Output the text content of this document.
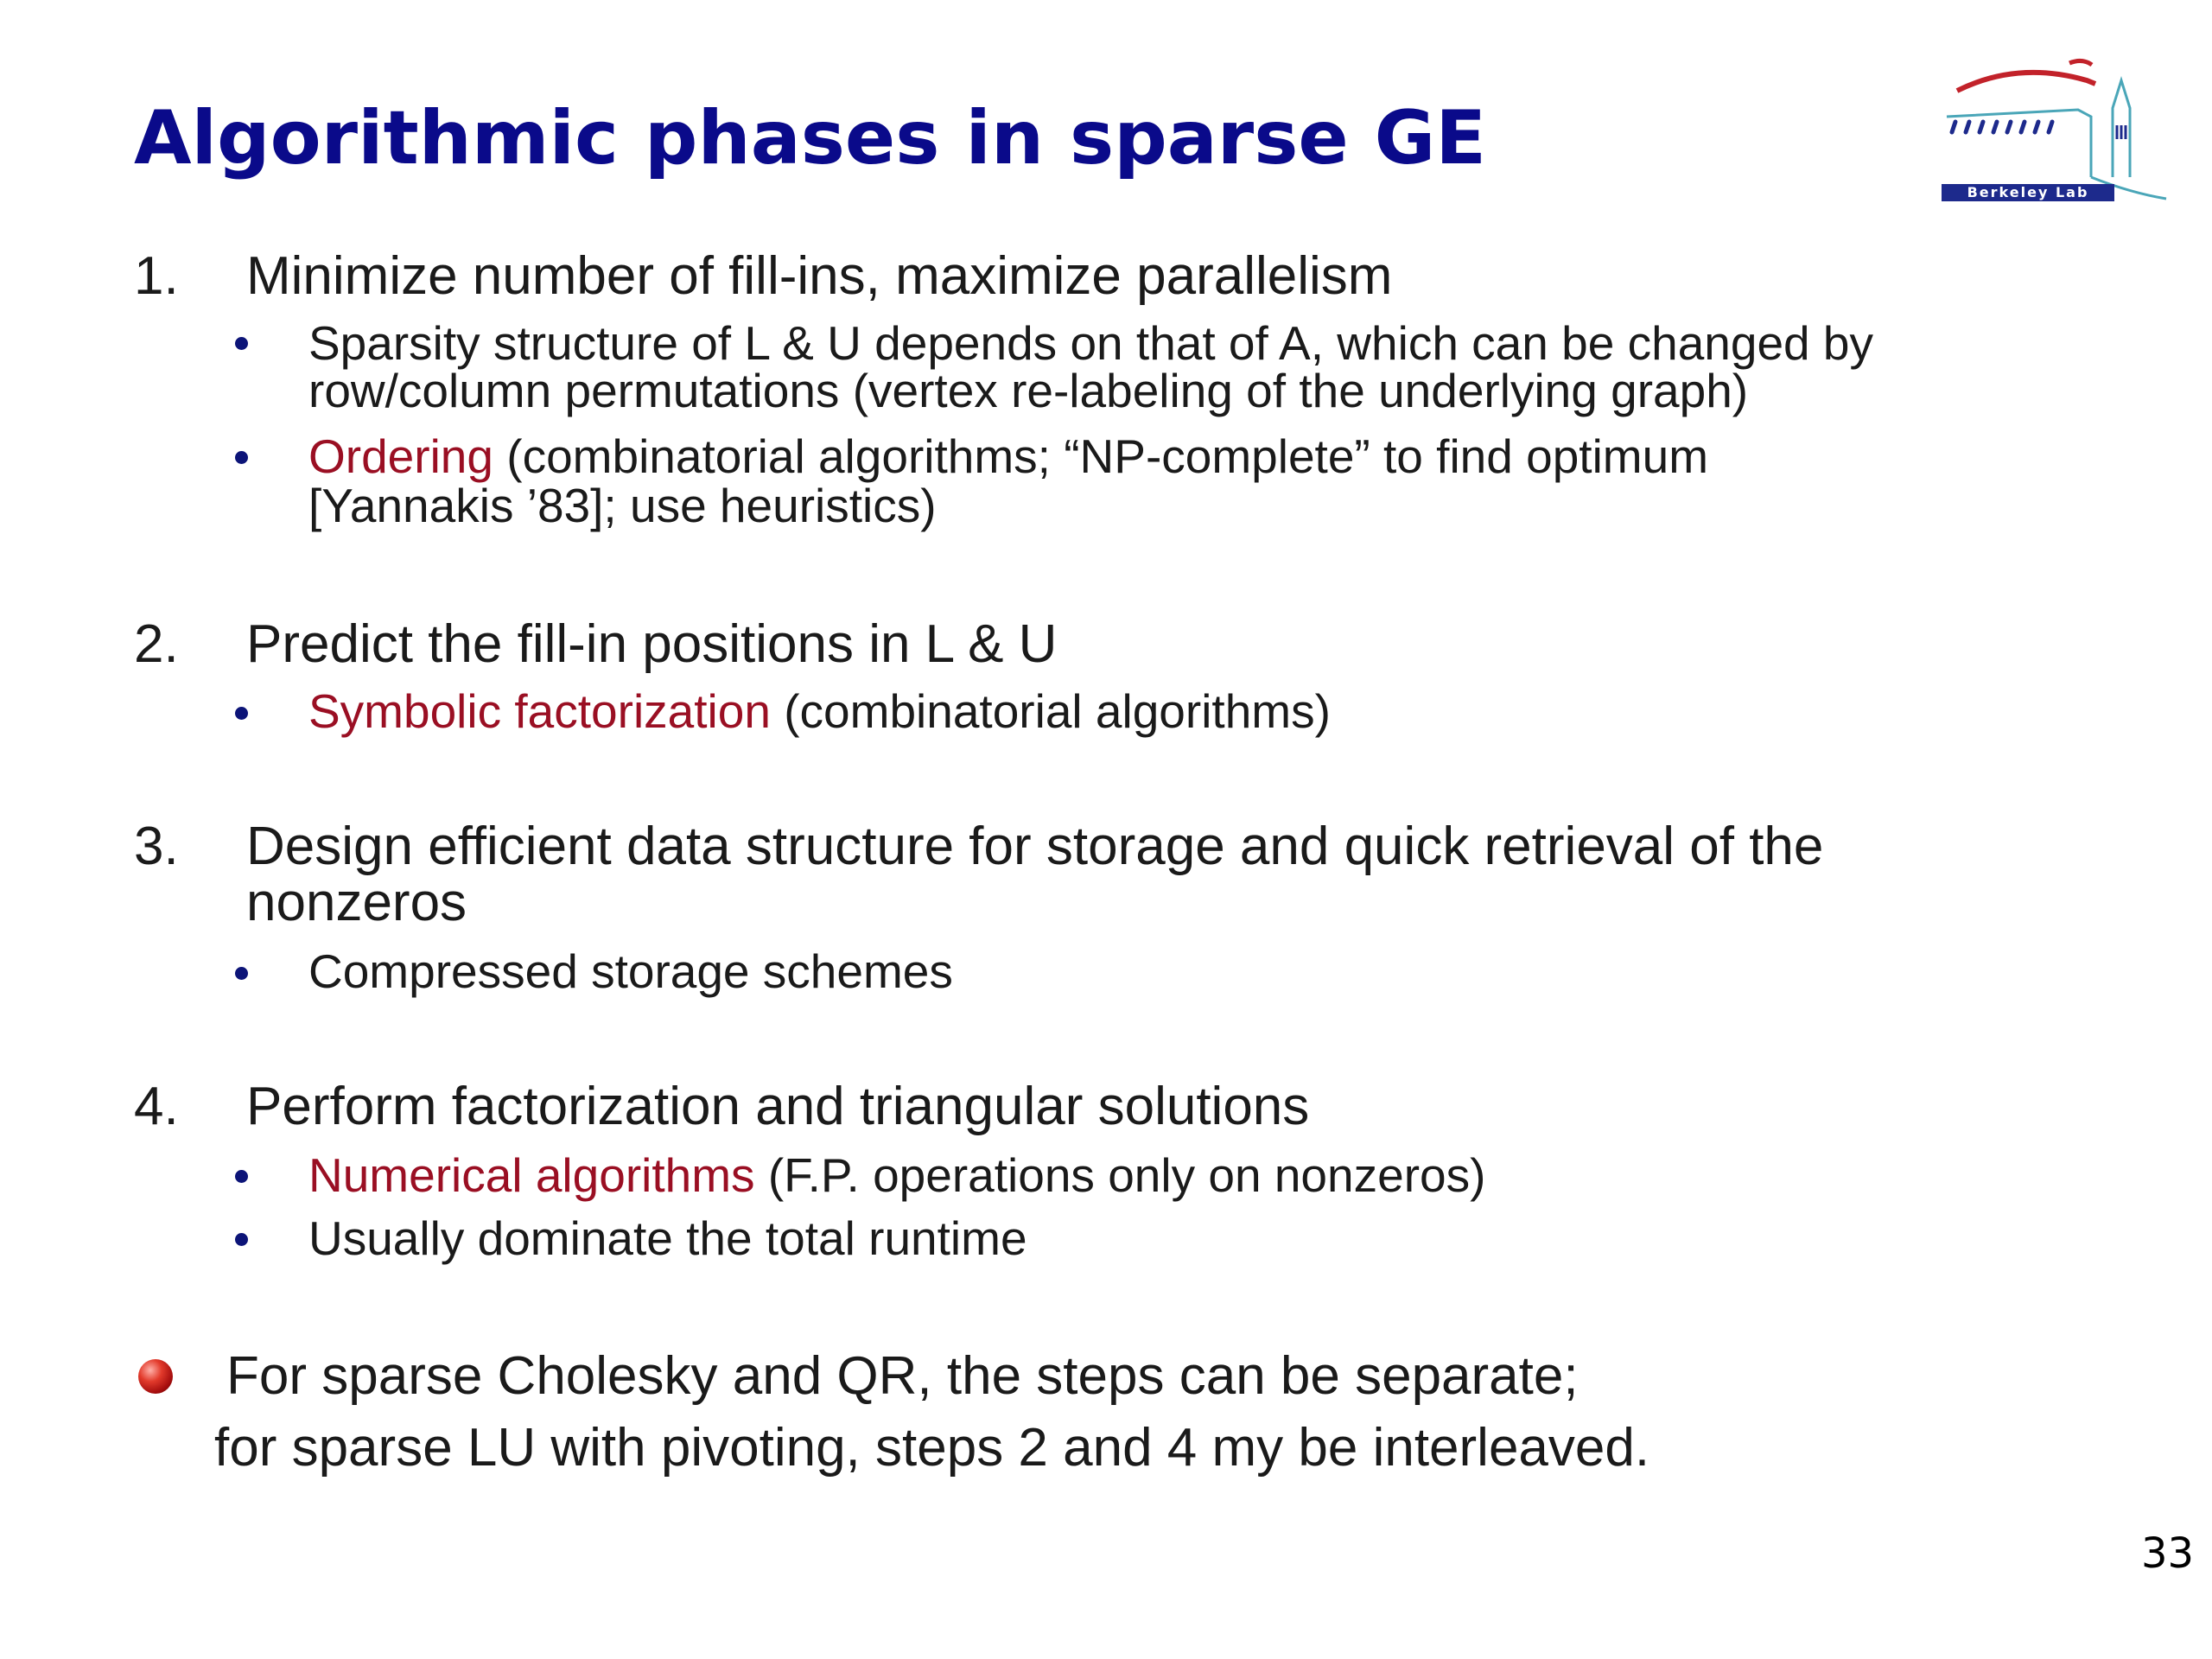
Algorithmic phases in sparse GE
Berkeley Lab
1. Minimize number of fill-ins, maximize parallelism
Sparsity structure of L & U depends on that of A, which can be changed by
row/column permutations (vertex re-labeling of the underlying graph)
Ordering (combinatorial algorithms; “NP-complete” to find optimum
[Yannakis ’83]; use heuristics)
2. Predict the fill-in positions in L & U
Symbolic factorization (combinatorial algorithms)
3. Design efficient data structure for storage and quick retrieval of the
nonzeros
Compressed storage schemes
4. Perform factorization and triangular solutions
Numerical algorithms (F.P. operations only on nonzeros)
Usually dominate the total runtime
For sparse Cholesky and QR, the steps can be separate;
for sparse LU with pivoting, steps 2 and 4 my be interleaved.
33
